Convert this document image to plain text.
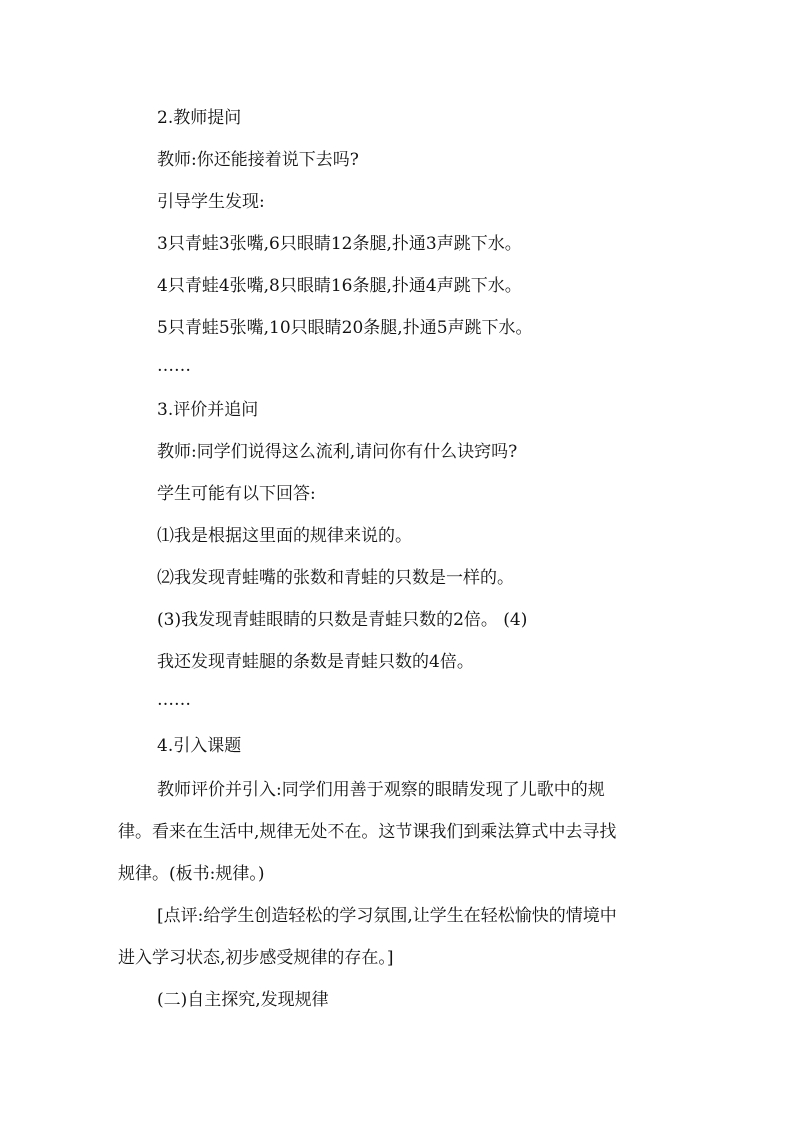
2.教师提问
教师:你还能接着说下去吗?
引导学生发现:
3只青蛙3张嘴,6只眼睛12条腿,扑通3声跳下水。
4只青蛙4张嘴,8只眼睛16条腿,扑通4声跳下水。
5只青蛙5张嘴,10只眼睛20条腿,扑通5声跳下水。
……
3.评价并追问
教师:同学们说得这么流利,请问你有什么诀窍吗?
学生可能有以下回答:
⑴我是根据这里面的规律来说的。
⑵我发现青蛙嘴的张数和青蛙的只数是一样的。
(3)我发现青蛙眼睛的只数是青蛙只数的2倍。 (4)
我还发现青蛙腿的条数是青蛙只数的4倍。
……
4.引入课题
教师评价并引入:同学们用善于观察的眼睛发现了儿歌中的规
律。看来在生活中,规律无处不在。这节课我们到乘法算式中去寻找
规律。(板书:规律。)
[点评:给学生创造轻松的学习氛围,让学生在轻松愉快的情境中
进入学习状态,初步感受规律的存在。]
(二)自主探究,发现规律
